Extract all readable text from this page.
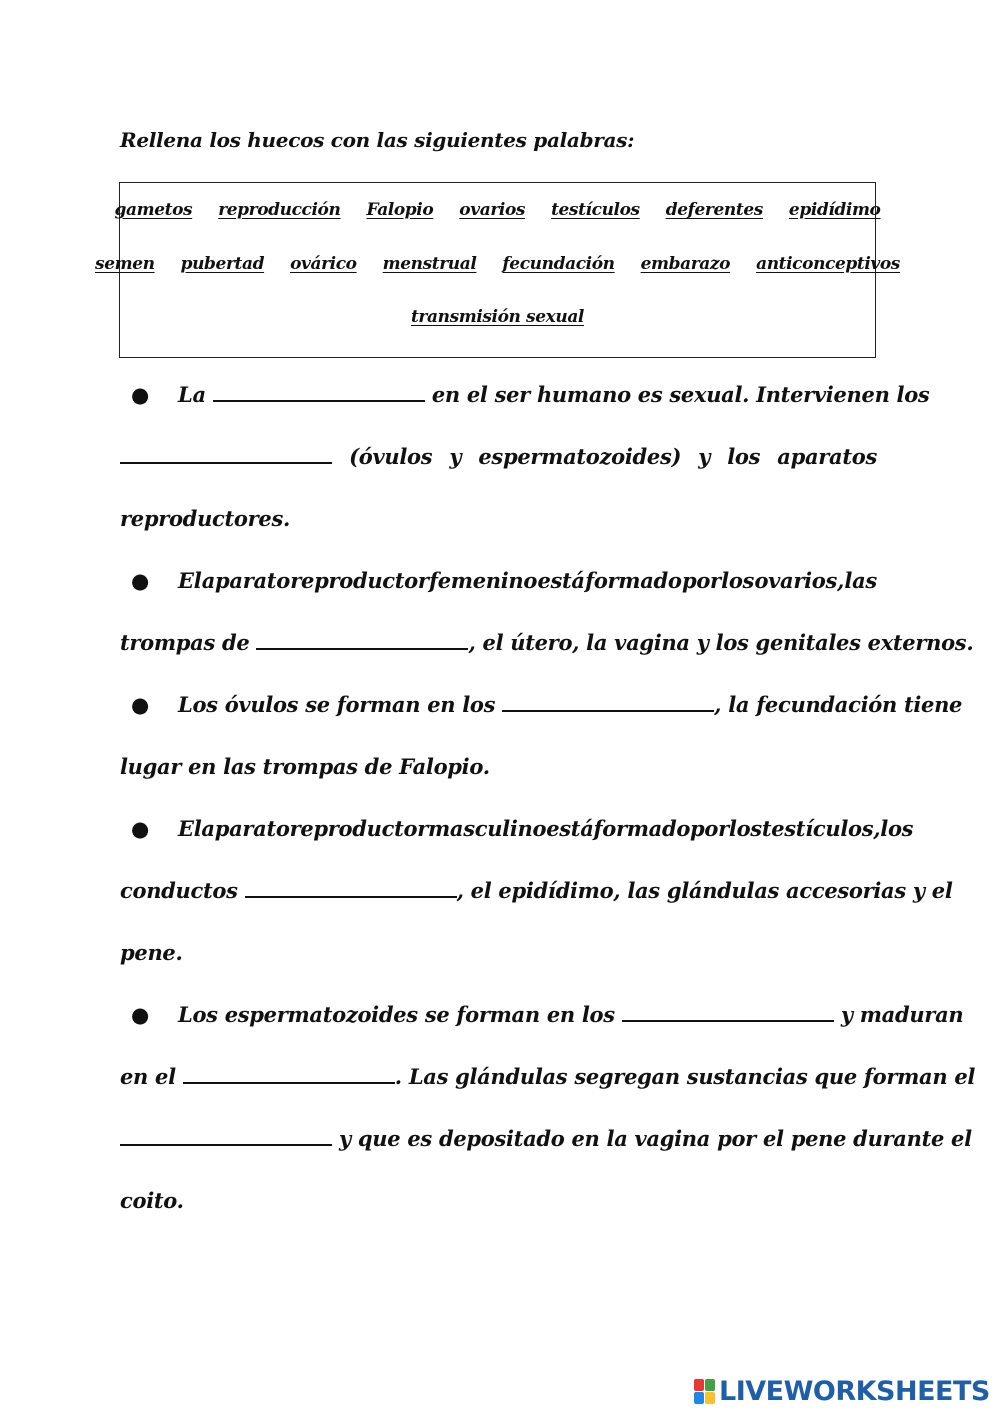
Rellena los huecos con las siguientes palabras:
gametos reproducción Falopio ovarios testículos deferentes epidídimo
semen pubertad ovárico menstrual fecundación embarazo anticonceptivos
transmisión sexual
● La	en el ser humano es sexual. Intervienen los
(óvulos y espermatozoides) y los aparatos
reproductores.
● El aparato reproductor femenino está formado por los ovarios, las
trompas de	, el útero, la vagina y los genitales externos.
● Los óvulos se forman en los	, la fecundación tiene
lugar en las trompas de Falopio.
● El aparato reproductor masculino está formado por los testículos, los
conductos	, el epidídimo, las glándulas accesorias y el
pene.
● Los espermatozoides se forman en los	y maduran
en el	. Las glándulas segregan sustancias que forman el
y que es depositado en la vagina por el pene durante el
coito.
LIVEWORKSHEETS
